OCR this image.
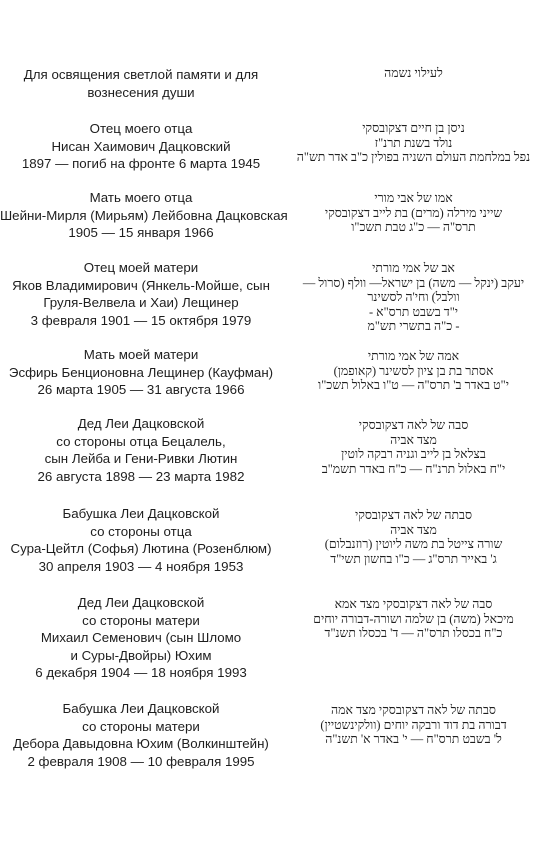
Для освящения светлой памяти и для
вознесения души
Отец моего отца
Нисан Хаимович Дацковский
1897 — погиб на фронте 6 марта 1945
Мать моего отца
Шейни-Мирля (Мирьям) Лейбовна Дацковская
1905 — 15 января 1966
Отец моей матери
Яков Владимирович (Янкель-Мойше, сын
Груля-Велвела и Хаи) Лещинер
3 февраля 1901 — 15 октября 1979
Мать моей матери
Эсфирь Бенционовна Лещинер (Кауфман)
26 марта 1905 — 31 августа 1966
Дед Леи Дацковской
со стороны отца Бецалель,
сын Лейба и Гени-Ривки Лютин
26 августа 1898 — 23 марта 1982
Бабушка Леи Дацковской
со стороны отца
Сура-Цейтл (Софья) Лютина (Розенблюм)
30 апреля 1903 — 4 ноября 1953
Дед Леи Дацковской
со стороны матери
Михаил Семенович (сын Шломо
и Суры-Двойры) Юхим
6 декабря 1904 — 18 ноября 1993
Бабушка Леи Дацковской
со стороны матери
Дебора Давыдовна Юхим (Волкинштейн)
2 февраля 1908 — 10 февраля 1995
לעילוי נשמה
ניסן בן חיים דצקובסקי
נולד בשנת תרנ"ז
נפל במלחמת העולם השניה בפולין כ"ב אדר תש"ה
אמו של אבי מורי
שייני מירלה (מרים) בת לייב דצקובסקי
תרס"ה — כ"ג טבת תשכ"ו
אב של אמי מורתי
יעקב (ינקל — משה) בן ישראל— וולף (סרול —
וולבל) וחי'ה לסשינר
י"ד בשבט תרס"א -
- כ"ה בתשרי תש"מ
אמה של אמי מורתי
אסתר בת בן ציון לסשינר (קאופמן)
י"ט באדר ב' תרס"ה — ט"ו באלול תשכ"ו
סבה של לאה דצקובסקי
מצד אביה
בצלאל בן לייב וגניה רבקה לוטין
י"ח באלול תרנ"ח — כ"ח באדר תשמ"ב
סבתה של לאה דצקובסקי
מצד אביה
שורה צייטל בת משה ליוטין (רוזנבלום)
ג' באייר תרס"ג — כ"ו בחשון תשי"ד
סבה של לאה דצקובסקי מצד אמא
מיכאל (משה) בן שלמה ושורה-דבורה יוחים
כ"ח בכסלו תרס"ה — ד' בכסלו תשנ"ד
סבתה של לאה דצקובסקי מצד אמה
דבורה בת דוד ורבקה יוחים (וולקינשטיין)
ל' בשבט תרס"ח — י' באדר א' תשנ"ה
